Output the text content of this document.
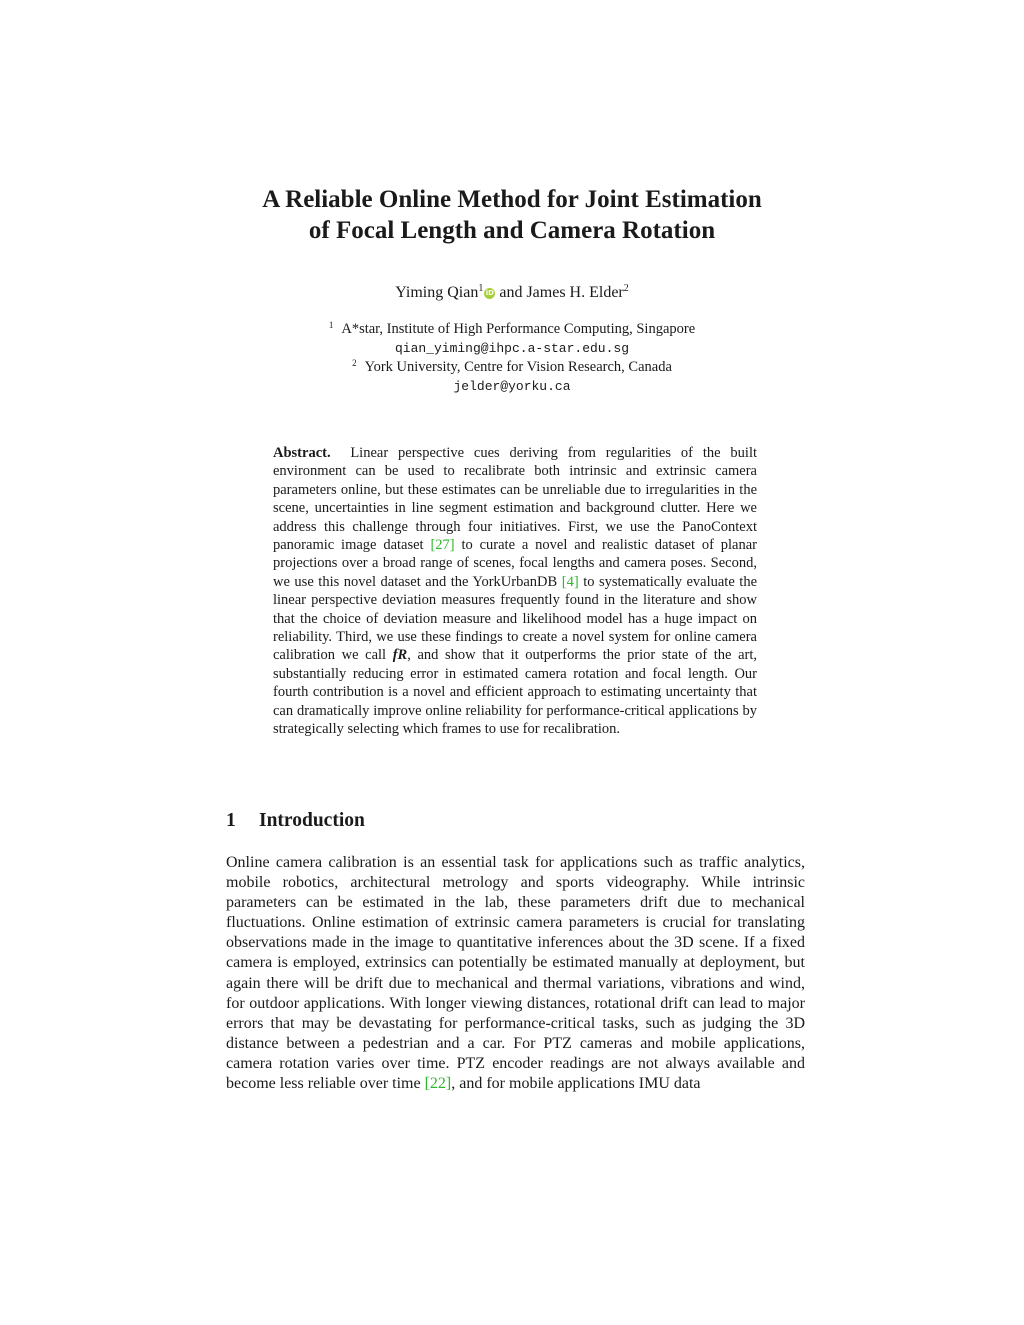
A Reliable Online Method for Joint Estimation
of Focal Length and Camera Rotation
Yiming Qian$^1$ iD and James H. Elder$^2$
$^1$ A*star, Institute of High Performance Computing, Singapore
qian_yiming@ihpc.a-star.edu.sg
$^2$ York University, Centre for Vision Research, Canada
jelder@yorku.ca

Abstract. Linear perspective cues deriving from regularities of the built environment can be used to recalibrate both intrinsic and extrinsic camera parameters online, but these estimates can be unreliable due to irregularities in the scene, uncertainties in line segment estimation and background clutter. Here we address this challenge through four initiatives. First, we use the PanoContext panoramic image dataset [27] to curate a novel and realistic dataset of planar projections over a broad range of scenes, focal lengths and camera poses. Second, we use this novel dataset and the YorkUrbanDB [4] to systematically evaluate the linear perspective deviation measures frequently found in the literature and show that the choice of deviation measure and likelihood model has a huge impact on reliability. Third, we use these findings to create a novel system for online camera calibration we call fR, and show that it outperforms the prior state of the art, substantially reducing error in estimated camera rotation and focal length. Our fourth contribution is a novel and efficient approach to estimating uncertainty that can dramatically improve online reliability for performance-critical applications by strategically selecting which frames to use for recalibration.

1 Introduction

Online camera calibration is an essential task for applications such as traffic analytics, mobile robotics, architectural metrology and sports videography. While intrinsic parameters can be estimated in the lab, these parameters drift due to mechanical fluctuations. Online estimation of extrinsic camera parameters is crucial for translating observations made in the image to quantitative inferences about the 3D scene. If a fixed camera is employed, extrinsics can potentially be estimated manually at deployment, but again there will be drift due to mechanical and thermal variations, vibrations and wind, for outdoor applications. With longer viewing distances, rotational drift can lead to major errors that may be devastating for performance-critical tasks, such as judging the 3D distance between a pedestrian and a car. For PTZ cameras and mobile applications, camera rotation varies over time. PTZ encoder readings are not always available and become less reliable over time [22], and for mobile applications IMU data
